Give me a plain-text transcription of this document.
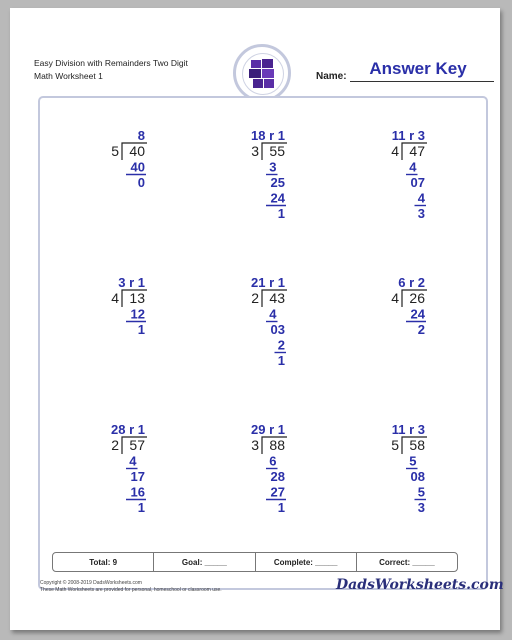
Easy Division with Remainders Two Digit
Math Worksheet 1	Name:	Answer Key
8
5 40
40
0
18 r 1
3 55
3
25
24
1
11 r 3
4 47
4
07
4
3
3 r 1
4 13
12
1
21 r 1
2 43
4
03
2
1
6 r 2
4 26
24
2
28 r 1
2 57
4
17
16
1
29 r 1
3 88
6
28
27
1
11 r 3
5 58
5
08
5
3
Total: 9	Goal: _____	Complete: _____	Correct: _____
Copyright © 2008-2019 DadsWorksheets.com
These Math Worksheets are provided for personal, homeschool or classroom use.	DadsWorksheets.com
